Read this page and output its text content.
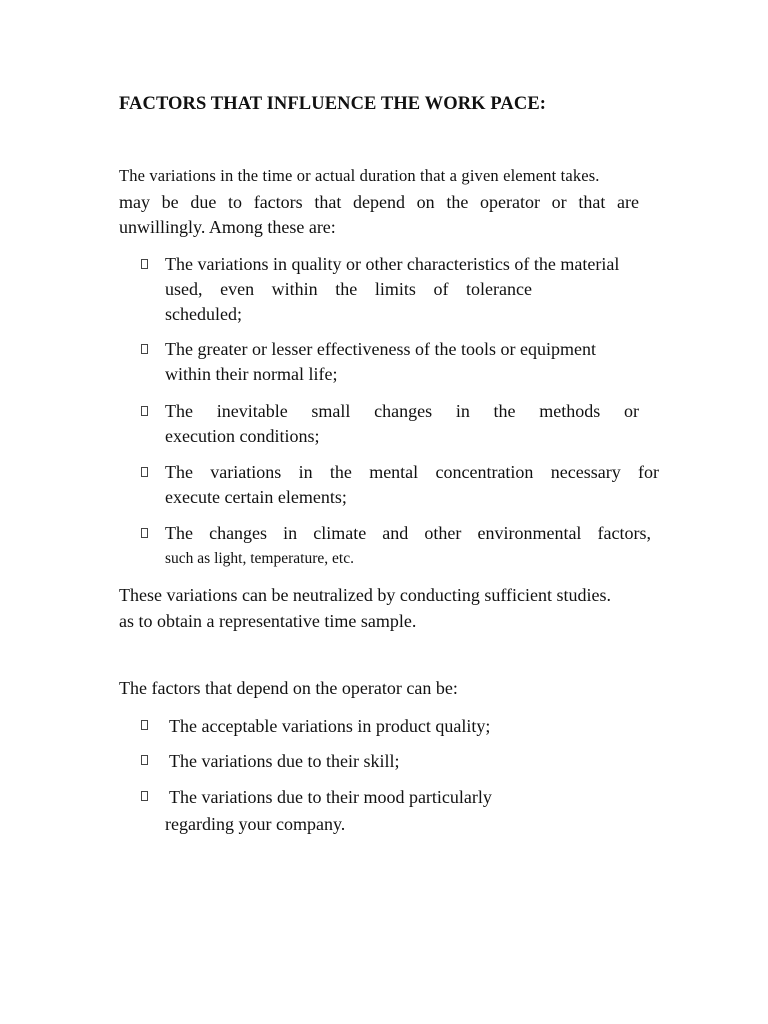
FACTORS THAT INFLUENCE THE WORK PACE:
The variations in the time or actual duration that a given element takes.
may be due to factors that depend on the operator or that are unwillingly. Among these are:
The variations in quality or other characteristics of the material
used, even within the limits of tolerance
scheduled;
The greater or lesser effectiveness of the tools or equipment
within their normal life;
The inevitable small changes in the methods or
execution conditions;
The variations in the mental concentration necessary for
execute certain elements;
The changes in climate and other environmental factors,
such as light, temperature, etc.
These variations can be neutralized by conducting sufficient studies.
as to obtain a representative time sample.
The factors that depend on the operator can be:
The acceptable variations in product quality;
The variations due to their skill;
The variations due to their mood particularly
regarding your company.
